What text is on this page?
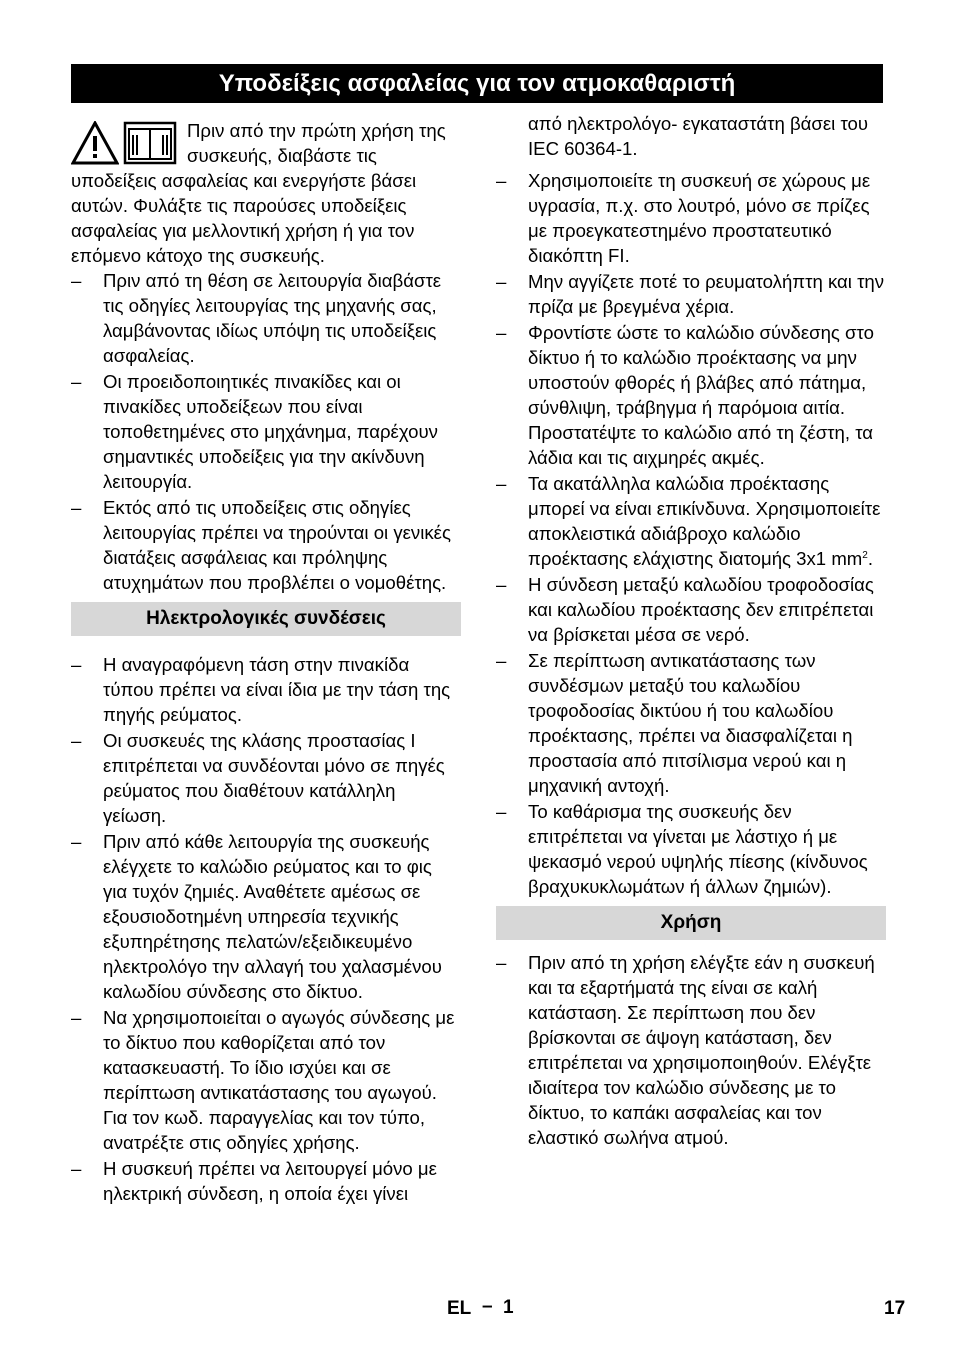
Υποδείξεις ασφαλείας για τον ατμοκαθαριστή

Πριν από την πρώτη χρήση της συσκευής, διαβάστε τις υποδείξεις ασφαλείας και ενεργήστε βάσει αυτών. Φυλάξτε τις παρούσες υποδείξεις ασφαλείας για μελλοντική χρήση ή για τον επόμενο κάτοχο της συσκευής.

–	Πριν από τη θέση σε λειτουργία διαβάστε τις οδηγίες λειτουργίας της μηχανής σας, λαμβάνοντας ιδίως υπόψη τις υποδείξεις ασφαλείας.
–	Οι προειδοποιητικές πινακίδες και οι πινακίδες υποδείξεων που είναι τοποθετημένες στο μηχάνημα, παρέχουν σημαντικές υποδείξεις για την ακίνδυνη λειτουργία.
–	Εκτός από τις υποδείξεις στις οδηγίες λειτουργίας πρέπει να τηρούνται οι γενικές διατάξεις ασφάλειας και πρόληψης ατυχημάτων που προβλέπει ο νομοθέτης.
Ηλεκτρολογικές συνδέσεις
–	Η αναγραφόμενη τάση στην πινακίδα τύπου πρέπει να είναι ίδια με την τάση της πηγής ρεύματος.
–	Οι συσκευές της κλάσης προστασίας I επιτρέπεται να συνδέονται μόνο σε πηγές ρεύματος που διαθέτουν κατάλληλη γείωση.
–	Πριν από κάθε λειτουργία της συσκευής ελέγχετε το καλώδιο ρεύματος και το φις για τυχόν ζημιές. Αναθέτετε αμέσως σε εξουσιοδοτημένη υπηρεσία τεχνικής εξυπηρέτησης πελατών/εξειδικευμένο ηλεκτρολόγο την αλλαγή του χαλασμένου καλωδίου σύνδεσης στο δίκτυο.
–	Να χρησιμοποιείται ο αγωγός σύνδεσης με το δίκτυο που καθορίζεται από τον κατασκευαστή. Το ίδιο ισχύει και σε περίπτωση αντικατάστασης του αγωγού. Για τον κωδ. παραγγελίας και τον τύπο, ανατρέξτε στις οδηγίες χρήσης.
–	Η συσκευή πρέπει να λειτουργεί μόνο με ηλεκτρική σύνδεση, η οποία έχει γίνει
από ηλεκτρολόγο- εγκαταστάτη βάσει του IEC 60364-1.
–	Χρησιμοποιείτε τη συσκευή σε χώρους με υγρασία, π.χ. στο λουτρό, μόνο σε πρίζες με προεγκατεστημένο προστατευτικό διακόπτη FI.
–	Μην αγγίζετε ποτέ το ρευματολήπτη και την πρίζα με βρεγμένα χέρια.
–	Φροντίστε ώστε το καλώδιο σύνδεσης στο δίκτυο ή το καλώδιο προέκτασης να μην υποστούν φθορές ή βλάβες από πάτημα, σύνθλιψη, τράβηγμα ή παρόμοια αιτία. Προστατέψτε το καλώδιο από τη ζέστη, τα λάδια και τις αιχμηρές ακμές.
–	Τα ακατάλληλα καλώδια προέκτασης μπορεί να είναι επικίνδυνα. Χρησιμοποιείτε αποκλειστικά αδιάβροχο καλώδιο προέκτασης ελάχιστης διατομής 3x1 $mm^2$.
–	Η σύνδεση μεταξύ καλωδίου τροφοδοσίας και καλωδίου προέκτασης δεν επιτρέπεται να βρίσκεται μέσα σε νερό.
–	Σε περίπτωση αντικατάστασης των συνδέσμων μεταξύ του καλωδίου τροφοδοσίας δικτύου ή του καλωδίου προέκτασης, πρέπει να διασφαλίζεται η προστασία από πιτσίλισμα νερού και η μηχανική αντοχή.
–	Το καθάρισμα της συσκευής δεν επιτρέπεται να γίνεται με λάστιχο ή με ψεκασμό νερού υψηλής πίεσης (κίνδυνος βραχυκυκλωμάτων ή άλλων ζημιών).
Χρήση
–	Πριν από τη χρήση ελέγξτε εάν η συσκευή και τα εξαρτήματά της είναι σε καλή κατάσταση. Σε περίπτωση που δεν βρίσκονται σε άψογη κατάσταση, δεν επιτρέπεται να χρησιμοποιηθούν. Ελέγξτε ιδιαίτερα τον καλώδιο σύνδεσης με το δίκτυο, το καπάκι ασφαλείας και τον ελαστικό σωλήνα ατμού.
EL – 1	17
